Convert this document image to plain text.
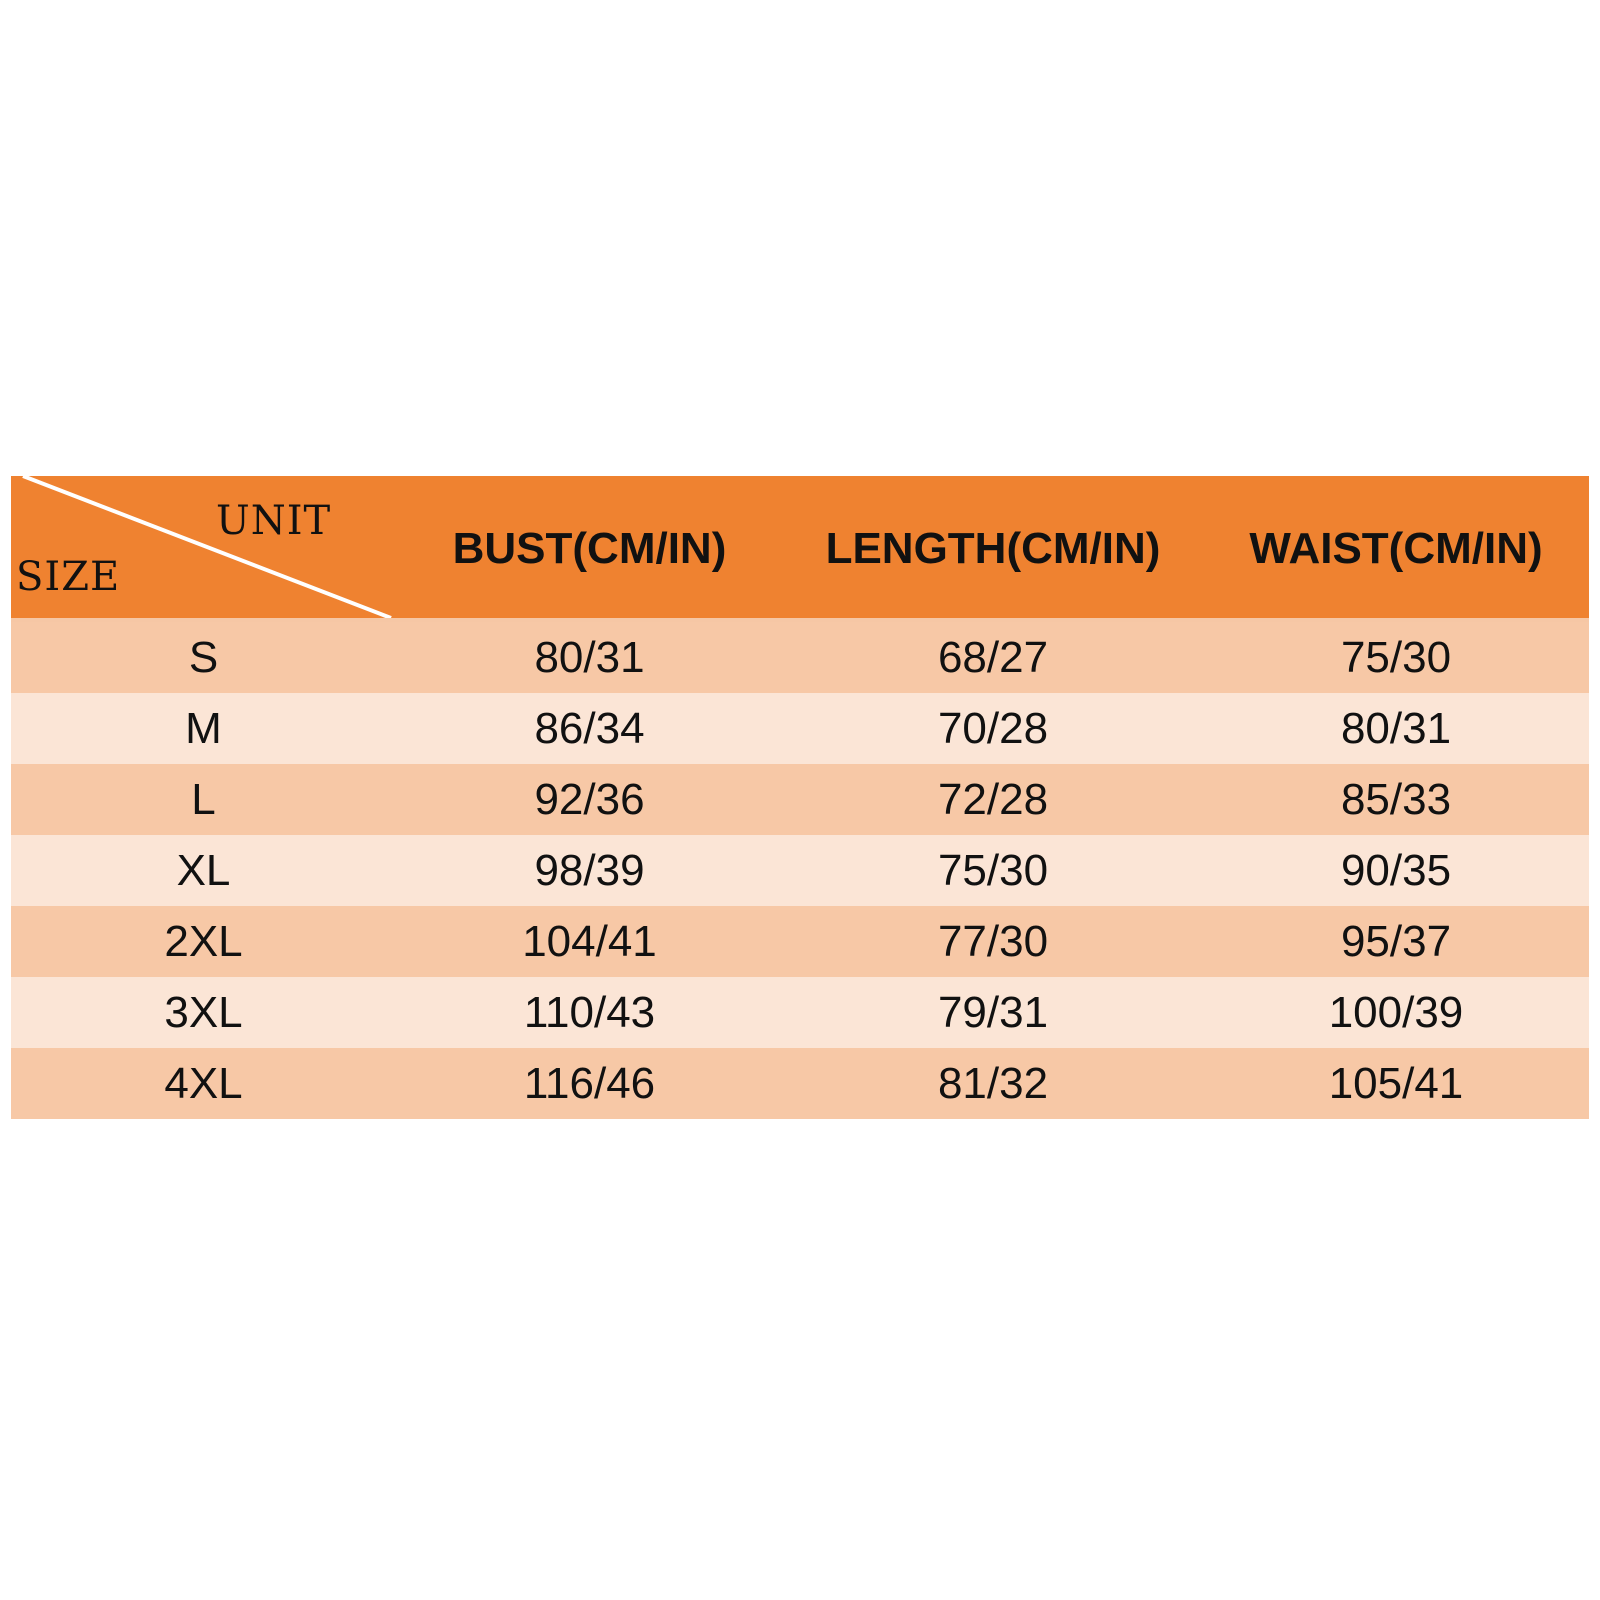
UNIT
SIZE
BUST(CM/IN)	LENGTH(CM/IN)	WAIST(CM/IN)
S	80/31	68/27	75/30
M	86/34	70/28	80/31
L	92/36	72/28	85/33
XL	98/39	75/30	90/35
2XL	104/41	77/30	95/37
3XL	110/43	79/31	100/39
4XL	116/46	81/32	105/41
